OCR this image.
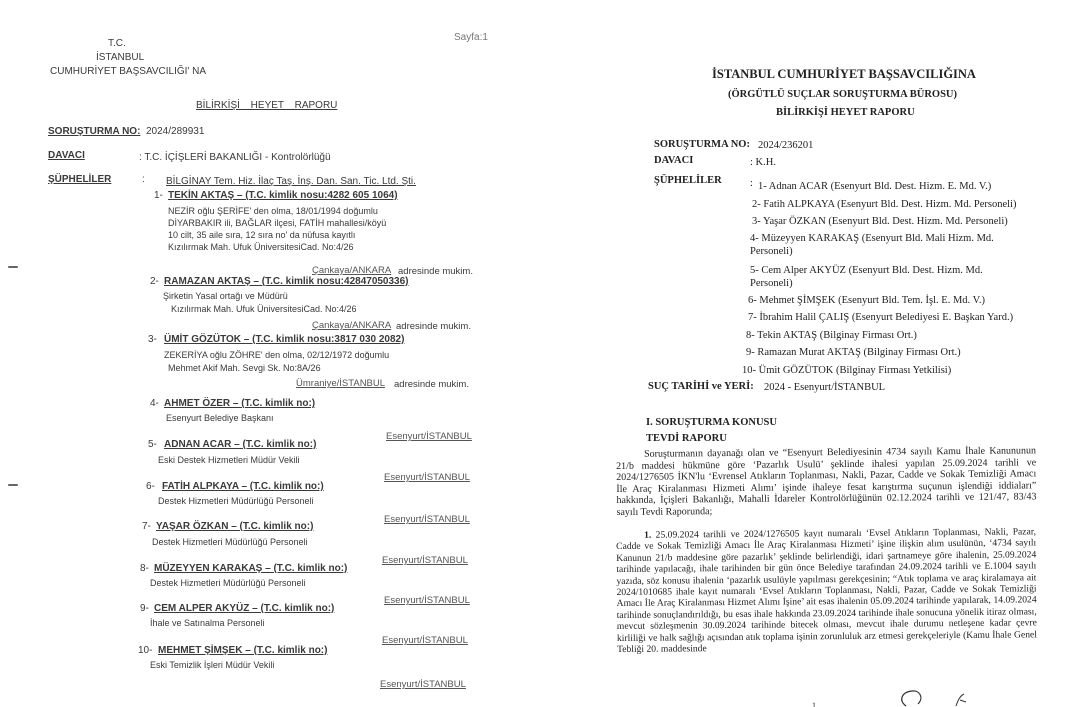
Sayfa:1
T.C.
İSTANBUL
CUMHURİYET BAŞSAVCILIĞI' NA
BİLİRKİŞİ HEYET RAPORU
SORUŞTURMA NO: 2024/289931
DAVACI	: T.C. İÇİŞLERİ BAKANLIĞI - Kontrolörlüğü
ŞÜPHELİLER	: BİLGİNAY Tem. Hiz. İlaç Taş. İnş. Dan. San. Tic. Ltd. Şti.
1- TEKİN AKTAŞ – (T.C. kimlik nosu:4282 605 1064)
NEZİR oğlu ŞERİFE' den olma, 18/01/1994 doğumlu
DİYARBAKIR ili, BAĞLAR ilçesi, FATİH mahallesi/köyü
10 cilt, 35 aile sıra, 12 sıra no' da nüfusa kayıtlı
Kızılırmak Mah. Ufuk ÜniversitesiCad. No:4/26
Çankaya/ANKARA adresinde mukim.
2- RAMAZAN AKTAŞ – (T.C. kimlik nosu:42847050336)
Şirketin Yasal ortağı ve Müdürü
Kızılırmak Mah. Ufuk ÜniversitesiCad. No:4/26
Çankaya/ANKARA adresinde mukim.
3- ÜMİT GÖZÜTOK – (T.C. kimlik nosu:3817 030 2082)
ZEKERİYA oğlu ZÖHRE' den olma, 02/12/1972 doğumlu
Mehmet Akif Mah. Sevgi Sk. No:8A/26
Ümraniye/İSTANBUL adresinde mukim.
4- AHMET ÖZER – (T.C. kimlik no:)
Esenyurt Belediye Başkanı
Esenyurt/İSTANBUL
5- ADNAN ACAR – (T.C. kimlik no:)
Eski Destek Hizmetleri Müdür Vekili
Esenyurt/İSTANBUL
6- FATİH ALPKAYA – (T.C. kimlik no:)
Destek Hizmetleri Müdürlüğü Personeli
Esenyurt/İSTANBUL
7- YAŞAR ÖZKAN – (T.C. kimlik no:)
Destek Hizmetleri Müdürlüğü Personeli
Esenyurt/İSTANBUL
8- MÜZEYYEN KARAKAŞ – (T.C. kimlik no:)
Destek Hizmetleri Müdürlüğü Personeli
Esenyurt/İSTANBUL
9- CEM ALPER AKYÜZ – (T.C. kimlik no:)
İhale ve Satınalma Personeli
Esenyurt/İSTANBUL
10- MEHMET ŞİMŞEK – (T.C. kimlik no:)
Eski Temizlik İşleri Müdür Vekili
Esenyurt/İSTANBUL
İSTANBUL CUMHURİYET BAŞSAVCILIĞINA
(ÖRGÜTLÜ SUÇLAR SORUŞTURMA BÜROSU)
BİLİRKİŞİ HEYET RAPORU
SORUŞTURMA NO: 2024/236201
DAVACI	: K.H.
ŞÜPHELİLER	: 1- Adnan ACAR (Esenyurt Bld. Dest. Hizm. E. Md. V.)
2- Fatih ALPKAYA (Esenyurt Bld. Dest. Hizm. Md. Personeli)
3- Yaşar ÖZKAN (Esenyurt Bld. Dest. Hizm. Md. Personeli)
4- Müzeyyen KARAKAŞ (Esenyurt Bld. Mali Hizm. Md. Personeli)
5- Cem Alper AKYÜZ (Esenyurt Bld. Dest. Hizm. Md. Personeli)
6- Mehmet ŞİMŞEK (Esenyurt Bld. Tem. İşl. E. Md. V.)
7- İbrahim Halil ÇALIŞ (Esenyurt Belediyesi E. Başkan Yard.)
8- Tekin AKTAŞ (Bilginay Firması Ort.)
9- Ramazan Murat AKTAŞ (Bilginay Firması Ort.)
10- Ümit GÖZÜTOK (Bilginay Firması Yetkilisi)
SUÇ TARİHİ ve YERİ: 2024 - Esenyurt/İSTANBUL
I. SORUŞTURMA KONUSU
TEVDİ RAPORU
Soruşturmanın dayanağı olan ve “Esenyurt Belediyesinin 4734 sayılı Kamu İhale Kanununun 21/b maddesi hükmüne göre ‘Pazarlık Usulü’ şeklinde ihalesi yapılan 25.09.2024 tarihli ve 2024/1276505 İKN'lu ‘Evrensel Atıkların Toplanması, Nakli, Pazar, Cadde ve Sokak Temizliği Amacı İle Araç Kiralanması Hizmeti Alımı’ işinde ihaleye fesat karıştırma suçunun işlendiği iddiaları” hakkında, İçişleri Bakanlığı, Mahalli İdareler Kontrolörlüğünün 02.12.2024 tarihli ve 121/47, 83/43 sayılı Tevdi Raporunda;
1. 25.09.2024 tarihli ve 2024/1276505 kayıt numaralı ‘Evsel Atıkların Toplanması, Nakli, Pazar, Cadde ve Sokak Temizliği Amacı İle Araç Kiralanması Hizmeti’ işine ilişkin alım usulünün, ‘4734 sayılı Kanunun 21/b maddesine göre pazarlık’ şeklinde belirlendiği, idari şartnameye göre ihalenin, 25.09.2024 tarihinde yapılacağı, ihale tarihinden bir gün önce Belediye tarafından 24.09.2024 tarihli ve E.1004 sayılı yazıda, söz konusu ihalenin ‘pazarlık usulüyle yapılması gerekçesinin; “Atık toplama ve araç kiralamaya ait 2024/1010685 ihale kayıt numaralı ‘Evsel Atıkların Toplanması, Nakli, Pazar, Cadde ve Sokak Temizliği Amacı İle Araç Kiralanması Hizmet Alımı İşine’ ait esas ihalenin 05.09.2024 tarihinde yapılarak, 14.09.2024 tarihinde sonuçlandırıldığı, bu esas ihale hakkında 23.09.2024 tarihinde ihale sonucuna yönelik itiraz olması, mevcut sözleşmenin 30.09.2024 tarihinde bitecek olması, mevcut ihale durumu netleşene kadar çevre kirliliği ve halk sağlığı açısından atık toplama işinin zorunluluk arz etmesi gerekçeleriyle (Kamu İhale Genel Tebliği 20. maddesinde
1
